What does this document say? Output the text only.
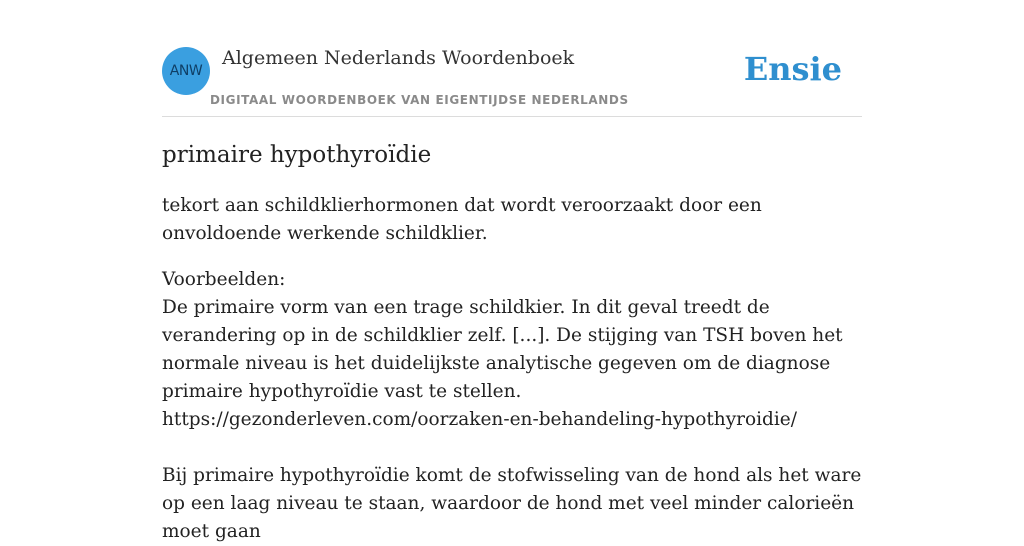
ANW
Algemeen Nederlands Woordenboek
DIGITAAL WOORDENBOEK VAN EIGENTIJDSE NEDERLANDS
Ensie
primaire hypothyroïdie

tekort aan schildklierhormonen dat wordt veroorzaakt door een onvoldoende werkende schildklier.

Voorbeelden:

De primaire vorm van een trage schildkier. In dit geval treedt de verandering op in de schildklier zelf. [...]. De stijging van TSH boven het normale niveau is het duidelijkste analytische gegeven om de diagnose primaire hypothyroïdie vast te stellen.

https://gezonderleven.com/oorzaken-en-behandeling-hypothyroidie/

Bij primaire hypothyroïdie komt de stofwisseling van de hond als het ware op een laag niveau te staan, waardoor de hond met veel minder calorieën moet gaan
